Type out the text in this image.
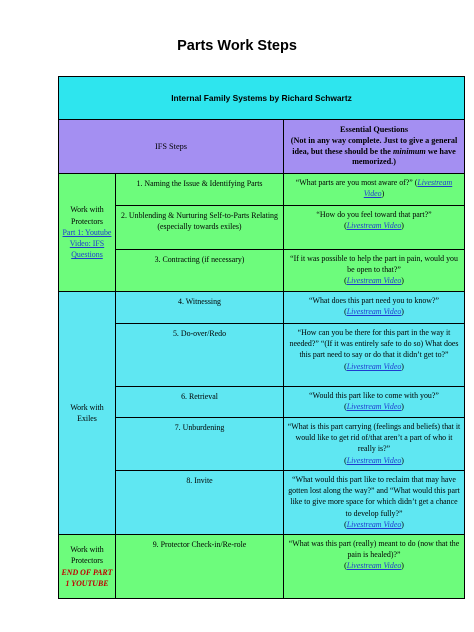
Parts Work Steps
Internal Family Systems by Richard Schwartz		
IFS Steps		Essential Questions
(Not in any way complete. Just to give a general idea, but these should be the minimum we have memorized.)
Work with
Protectors
Part 1: Youtube Video: IFS Questions	1. Naming the Issue & Identifying Parts	“What parts are you most aware of?” (Livestream Video)
	2. Unblending & Nurturing Self-to-Parts Relating (especially towards exiles)	“How do you feel toward that part?”
(Livestream Video)
	3. Contracting (if necessary)	“If it was possible to help the part in pain, would you be open to that?”
(Livestream Video)
Work with
Exiles	4. Witnessing	“What does this part need you to know?”
(Livestream Video)
	5. Do-over/Redo	“How can you be there for this part in the way it needed?” “(If it was entirely safe to do so) What does this part need to say or do that it didn’t get to?”
(Livestream Video)
	6. Retrieval	“Would this part like to come with you?”
(Livestream Video)
	7. Unburdening	“What is this part carrying (feelings and beliefs) that it would like to get rid of/that aren’t a part of who it really is?”
(Livestream Video)
	8. Invite	“What would this part like to reclaim that may have gotten lost along the way?” and “What would this part like to give more space for which didn’t get a chance to develop fully?”
(Livestream Video)
Work with
Protectors
END OF PART 1 YOUTUBE	9. Protector Check-in/Re-role	“What was this part (really) meant to do (now that the pain is healed)?”
(Livestream Video)
